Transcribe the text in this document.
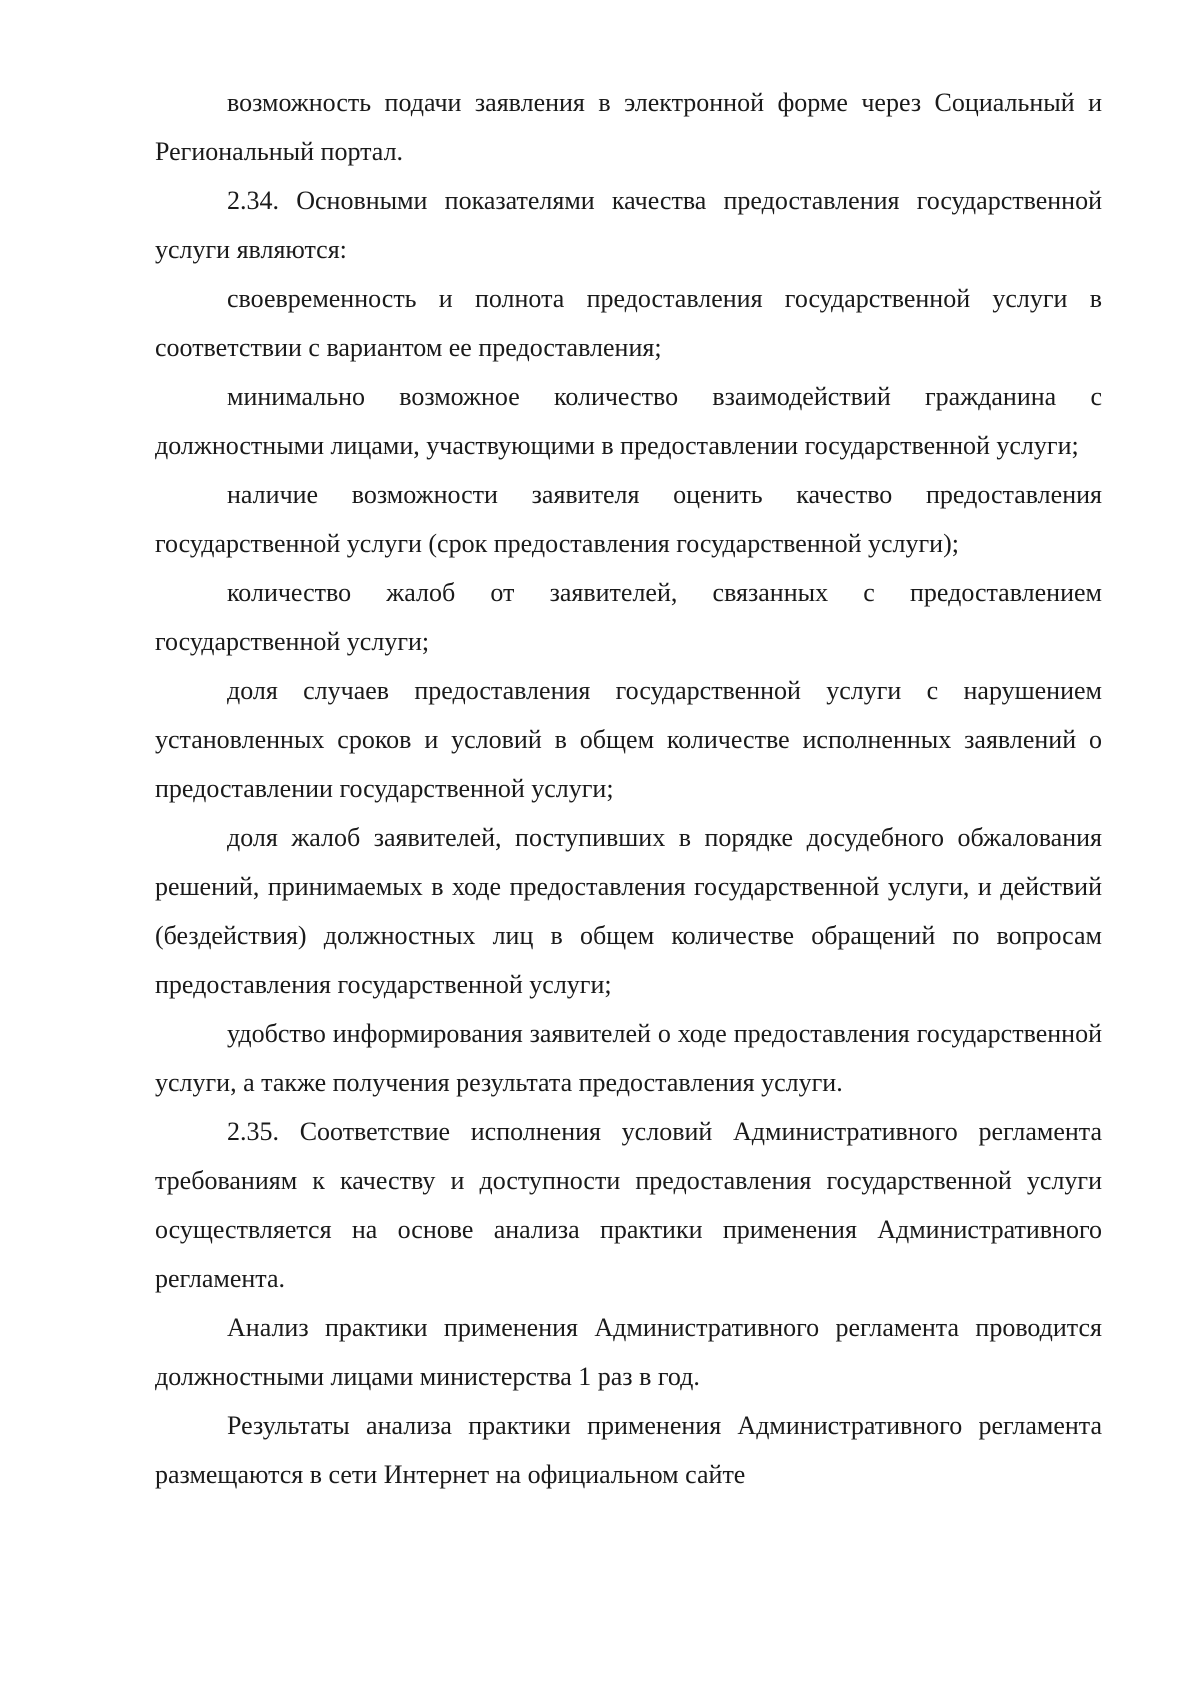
возможность подачи заявления в электронной форме через Социальный и Региональный портал.

2.34. Основными показателями качества предоставления государственной услуги являются:

своевременность и полнота предоставления государственной услуги в соответствии с вариантом ее предоставления;

минимально возможное количество взаимодействий гражданина с должностными лицами, участвующими в предоставлении государственной услуги;

наличие возможности заявителя оценить качество предоставления государственной услуги (срок предоставления государственной услуги);

количество жалоб от заявителей, связанных с предоставлением государственной услуги;

доля случаев предоставления государственной услуги с нарушением установленных сроков и условий в общем количестве исполненных заявлений о предоставлении государственной услуги;

доля жалоб заявителей, поступивших в порядке досудебного обжалования решений, принимаемых в ходе предоставления государственной услуги, и действий (бездействия) должностных лиц в общем количестве обращений по вопросам предоставления государственной услуги;

удобство информирования заявителей о ходе предоставления государственной услуги, а также получения результата предоставления услуги.

2.35. Соответствие исполнения условий Административного регламента требованиям к качеству и доступности предоставления государственной услуги осуществляется на основе анализа практики применения Административного регламента.

Анализ практики применения Административного регламента проводится должностными лицами министерства 1 раз в год.

Результаты анализа практики применения Административного регламента размещаются в сети Интернет на официальном сайте
